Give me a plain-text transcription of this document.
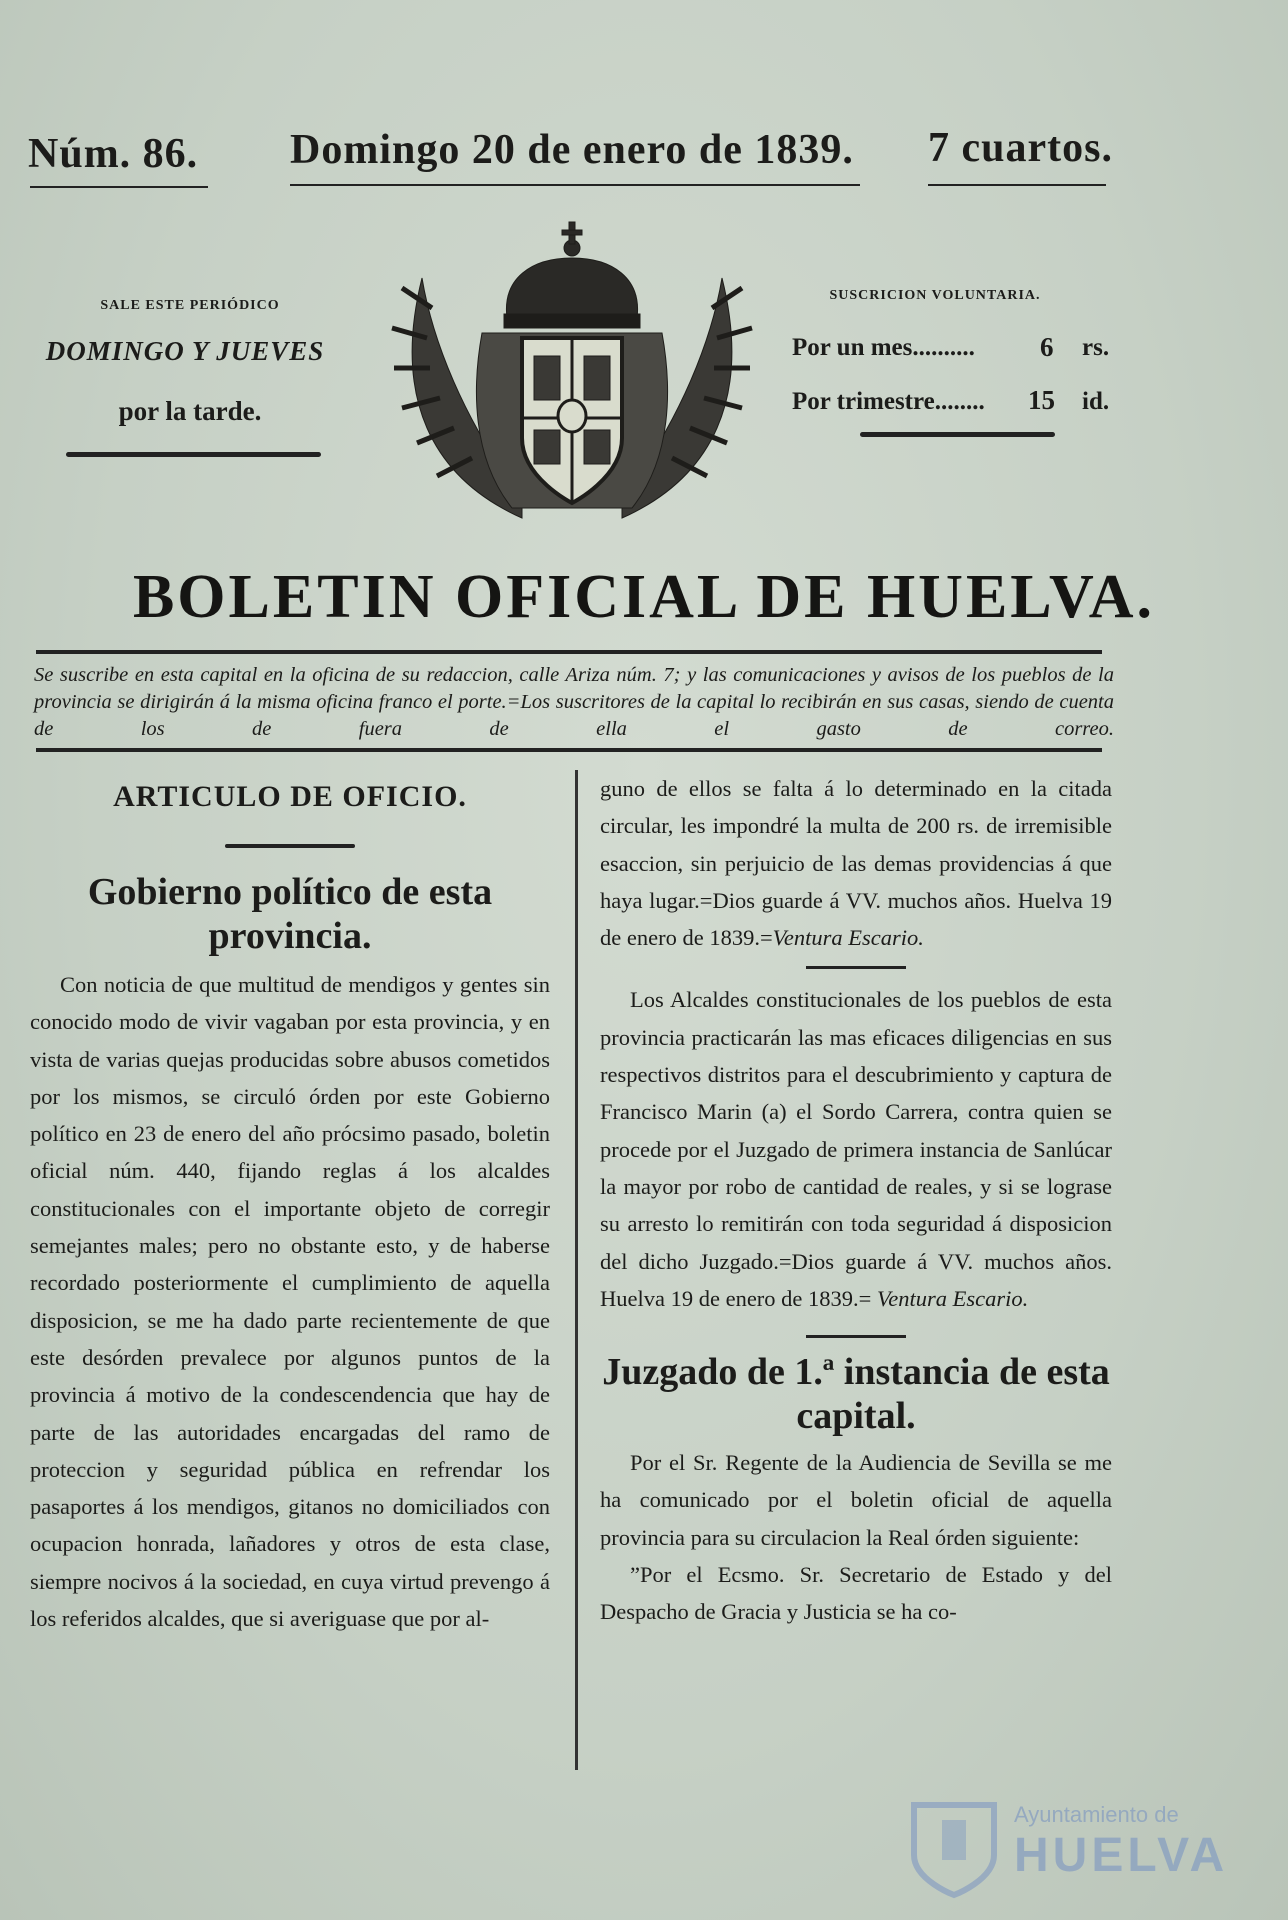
Núm. 86. Domingo 20 de enero de 1839. 7 cuartos.
SALE ESTE PERIÓDICO
DOMINGO Y JUEVES
por la tarde.
SUSCRICION VOLUNTARIA.
Por un mes.......... 6 rs.
Por trimestre........ 15 id.
BOLETIN OFICIAL DE HUELVA.
Se suscribe en esta capital en la oficina de su redaccion, calle Ariza núm. 7; y las comunicaciones y avisos de los pueblos de la provincia se dirigirán á la misma oficina franco el porte.=Los suscritores de la capital lo recibirán en sus casas, siendo de cuenta de los de fuera de ella el gasto de correo.
ARTICULO DE OFICIO.
Gobierno político de esta provincia.

Con noticia de que multitud de mendigos y gentes sin conocido modo de vivir vagaban por esta provincia, y en vista de varias quejas producidas sobre abusos cometidos por los mismos, se circuló órden por este Gobierno político en 23 de enero del año prócsimo pasado, boletin oficial núm. 440, fijando reglas á los alcaldes constitucionales con el importante objeto de corregir semejantes males; pero no obstante esto, y de haberse recordado posteriormente el cumplimiento de aquella disposicion, se me ha dado parte recientemente de que este desórden prevalece por algunos puntos de la provincia á motivo de la condescendencia que hay de parte de las autoridades encargadas del ramo de proteccion y seguridad pública en refrendar los pasaportes á los mendigos, gitanos no domiciliados con ocupacion honrada, lañadores y otros de esta clase, siempre nocivos á la sociedad, en cuya virtud prevengo á los referidos alcaldes, que si averiguase que por al-

guno de ellos se falta á lo determinado en la citada circular, les impondré la multa de 200 rs. de irremisible esaccion, sin perjuicio de las demas providencias á que haya lugar.=Dios guarde á VV. muchos años. Huelva 19 de enero de 1839.=Ventura Escario.

Los Alcaldes constitucionales de los pueblos de esta provincia practicarán las mas eficaces diligencias en sus respectivos distritos para el descubrimiento y captura de Francisco Marin (a) el Sordo Carrera, contra quien se procede por el Juzgado de primera instancia de Sanlúcar la mayor por robo de cantidad de reales, y si se lograse su arresto lo remitirán con toda seguridad á disposicion del dicho Juzgado.=Dios guarde á VV. muchos años. Huelva 19 de enero de 1839.= Ventura Escario.

Juzgado de 1.ª instancia de esta capital.

Por el Sr. Regente de la Audiencia de Sevilla se me ha comunicado por el boletin oficial de aquella provincia para su circulacion la Real órden siguiente:

”Por el Ecsmo. Sr. Secretario de Estado y del Despacho de Gracia y Justicia se ha co-

Ayuntamiento de
HUELVA
